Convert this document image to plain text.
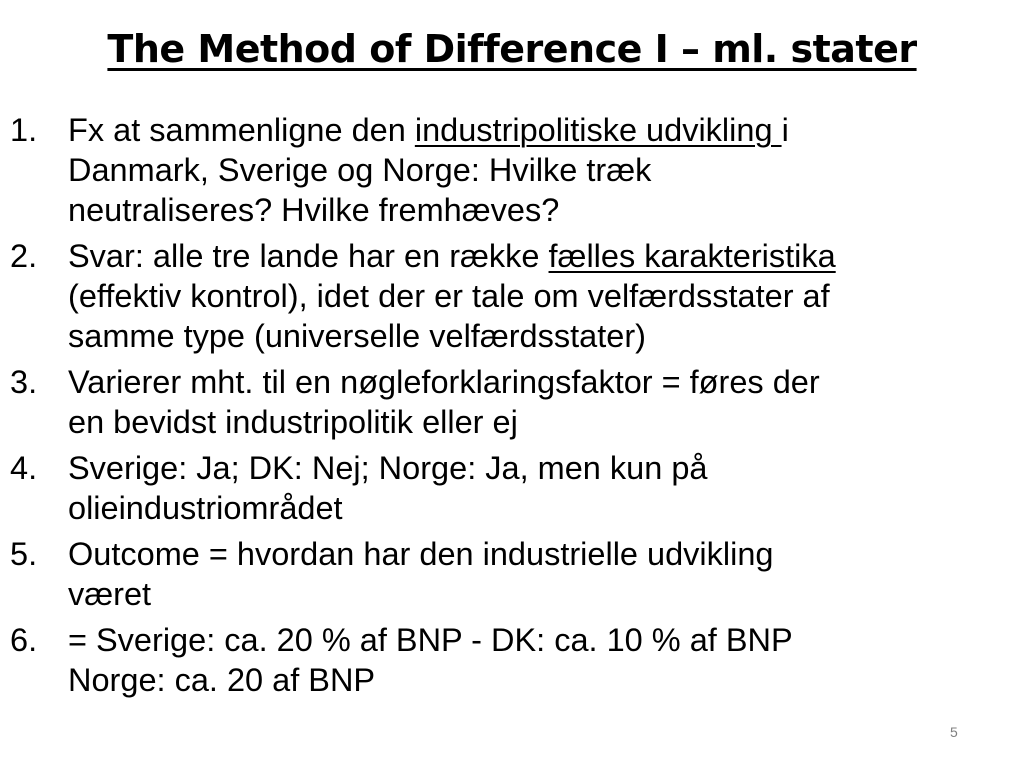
The Method of Difference I – ml. stater
1. Fx at sammenligne den industripolitiske udvikling i
Danmark, Sverige og Norge: Hvilke træk
neutraliseres? Hvilke fremhæves?
2. Svar: alle tre lande har en række fælles karakteristika
(effektiv kontrol), idet der er tale om velfærdsstater af
samme type (universelle velfærdsstater)
3. Varierer mht. til en nøgleforklaringsfaktor = føres der
en bevidst industripolitik eller ej
4. Sverige: Ja; DK: Nej; Norge: Ja, men kun på
olieindustriområdet
5. Outcome = hvordan har den industrielle udvikling
været
6. = Sverige: ca. 20 % af BNP - DK: ca. 10 % af BNP
Norge: ca. 20 af BNP
5
